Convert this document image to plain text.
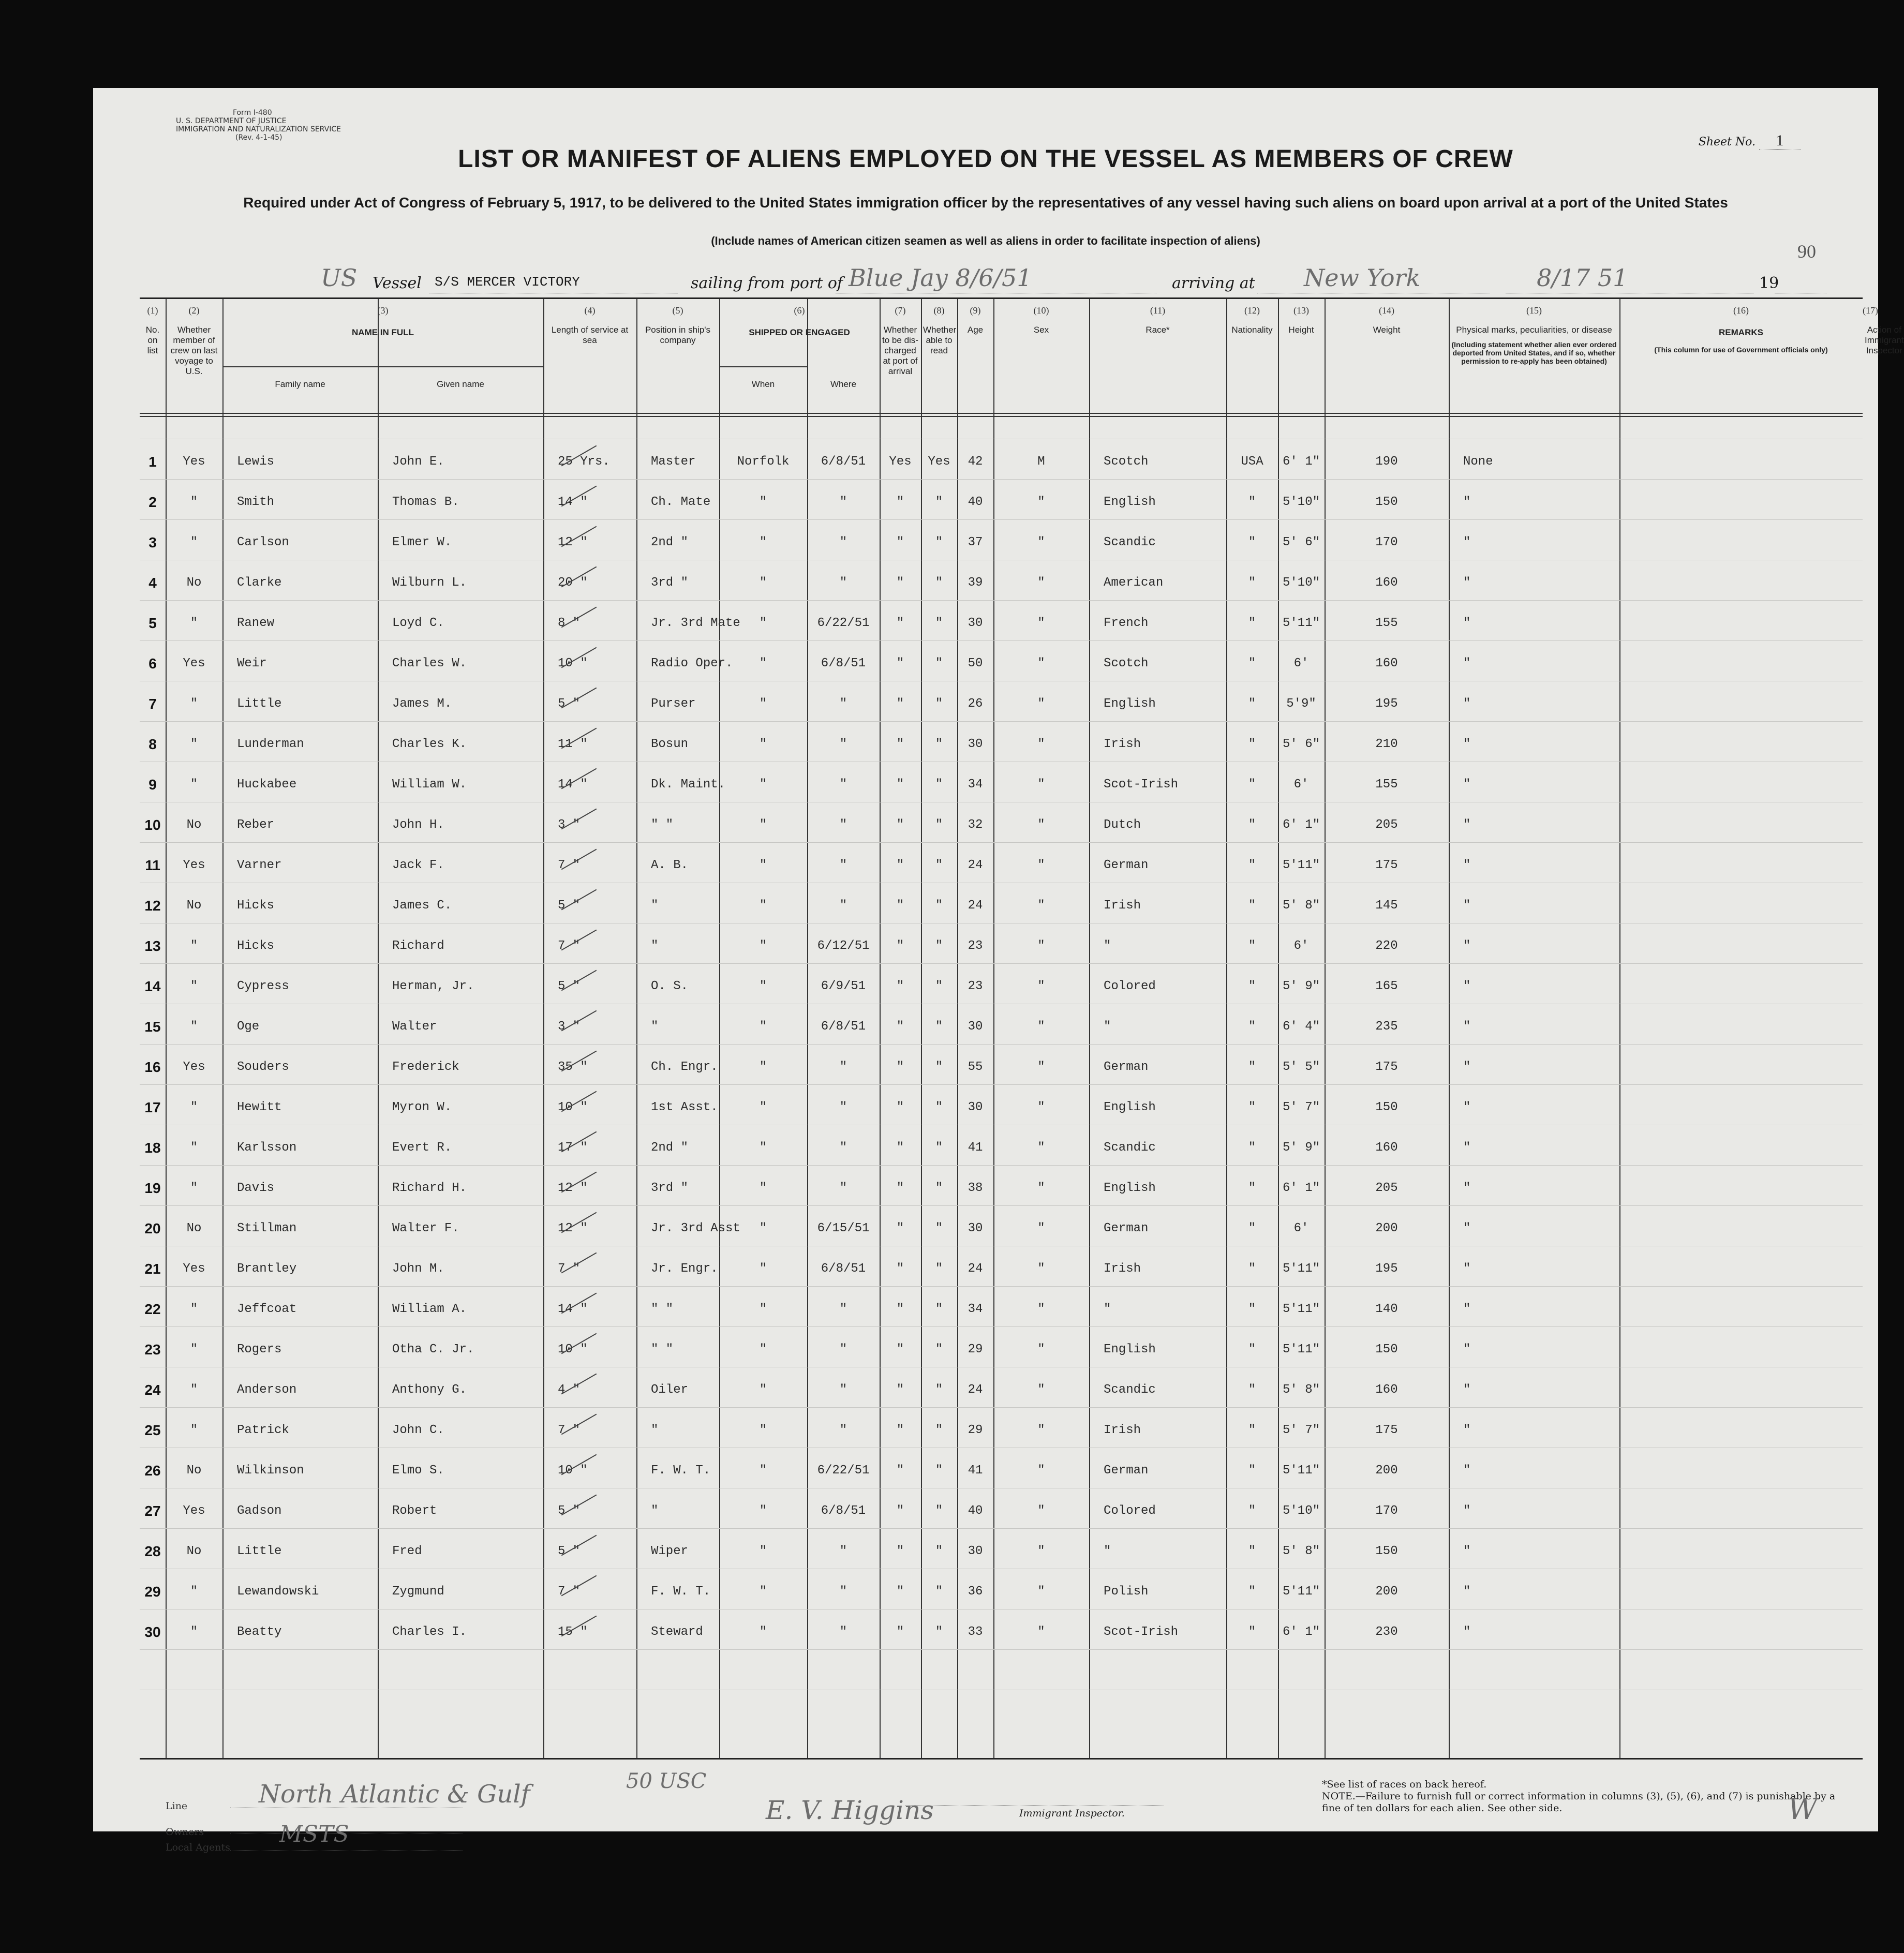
Form I-480
U. S. DEPARTMENT OF JUSTICE
IMMIGRATION AND NATURALIZATION SERVICE
(Rev. 4-1-45)	Sheet No. 1
LIST OR MANIFEST OF ALIENS EMPLOYED ON THE VESSEL AS MEMBERS OF CREW
Required under Act of Congress of February 5, 1917, to be delivered to the United States immigration officer by the representatives of any vessel having such aliens on board upon arrival at a port of the United States
(Include names of American citizen seamen as well as aliens in order to facilitate inspection of aliens)
90
US Vessel S/S MERCER VICTORY	sailing from port of Blue Jay 8/6/51	arriving at New York	8/17 51	19
(1)
No. on list
(2)
Whether member of crew on last voyage to U.S.
(3)
NAME IN FULL
(4)
Length of service at sea
(5)
Position in ship's company
(6)
SHIPPED OR ENGAGED
(7)
Whether to be dis-charged at port of arrival
(8)
Whether able to read
(9)
Age
(10)
Sex
(11)
Race*
(12)
Nationality
(13)
Height
(14)
Weight
(15)
Physical marks, peculiarities, or disease
(16)
REMARKS
(17)
Action of Immigrant Inspector
Family name	Given name	When	Where
(Including statement whether alien ever ordered deported from United States, and if so, whether permission to re-apply has been obtained)
(This column for use of Government officials only)
1	Yes	Lewis	John E.	25 Yrs.	Master	Norfolk	6/8/51	Yes	Yes	42	M	Scotch	USA	6' 1"	190	None
2	"	Smith	Thomas B.	14 "	Ch. Mate	"	"	"	"	40	"	English	"	5'10"	150	"
3	"	Carlson	Elmer W.	12 "	2nd "	"	"	"	"	37	"	Scandic	"	5' 6"	170	"
4	No	Clarke	Wilburn L.	20 "	3rd "	"	"	"	"	39	"	American	"	5'10"	160	"
5	"	Ranew	Loyd C.	8 "	Jr. 3rd Mate	"	6/22/51	"	"	30	"	French	"	5'11"	155	"
6	Yes	Weir	Charles W.	10 "	Radio Oper.	"	6/8/51	"	"	50	"	Scotch	"	6'	160	"
7	"	Little	James M.	5 "	Purser	"	"	"	"	26	"	English	"	5'9"	195	"
8	"	Lunderman	Charles K.	11 "	Bosun	"	"	"	"	30	"	Irish	"	5' 6"	210	"
9	"	Huckabee	William W.	14 "	Dk. Maint.	"	"	"	"	34	"	Scot-Irish	"	6'	155	"
10	No	Reber	John H.	3 "	" "	"	"	"	"	32	"	Dutch	"	6' 1"	205	"
11	Yes	Varner	Jack F.	7 "	A. B.	"	"	"	"	24	"	German	"	5'11"	175	"
12	No	Hicks	James C.	5 "	"	"	"	"	"	24	"	Irish	"	5' 8"	145	"
13	"	Hicks	Richard	7 "	"	"	6/12/51	"	"	23	"	"	"	6'	220	"
14	"	Cypress	Herman, Jr.	5 "	O. S.	"	6/9/51	"	"	23	"	Colored	"	5' 9"	165	"
15	"	Oge	Walter	3 "	"	"	6/8/51	"	"	30	"	"	"	6' 4"	235	"
16	Yes	Souders	Frederick	35 "	Ch. Engr.	"	"	"	"	55	"	German	"	5' 5"	175	"
17	"	Hewitt	Myron W.	10 "	1st Asst.	"	"	"	"	30	"	English	"	5' 7"	150	"
18	"	Karlsson	Evert R.	17 "	2nd "	"	"	"	"	41	"	Scandic	"	5' 9"	160	"
19	"	Davis	Richard H.	12 "	3rd "	"	"	"	"	38	"	English	"	6' 1"	205	"
20	No	Stillman	Walter F.	12 "	Jr. 3rd Asst	"	6/15/51	"	"	30	"	German	"	6'	200	"
21	Yes	Brantley	John M.	7 "	Jr. Engr.	"	6/8/51	"	"	24	"	Irish	"	5'11"	195	"
22	"	Jeffcoat	William A.	14 "	" "	"	"	"	"	34	"	"	"	5'11"	140	"
23	"	Rogers	Otha C. Jr.	10 "	" "	"	"	"	"	29	"	English	"	5'11"	150	"
24	"	Anderson	Anthony G.	4 "	Oiler	"	"	"	"	24	"	Scandic	"	5' 8"	160	"
25	"	Patrick	John C.	7 "	"	"	"	"	"	29	"	Irish	"	5' 7"	175	"
26	No	Wilkinson	Elmo S.	10 "	F. W. T.	"	6/22/51	"	"	41	"	German	"	5'11"	200	"
27	Yes	Gadson	Robert	5 "	"	"	6/8/51	"	"	40	"	Colored	"	5'10"	170	"
28	No	Little	Fred	5 "	Wiper	"	"	"	"	30	"	"	"	5' 8"	150	"
29	"	Lewandowski	Zygmund	7 "	F. W. T.	"	"	"	"	36	"	Polish	"	5'11"	200	"
30	"	Beatty	Charles I.	15 "	Steward	"	"	"	"	33	"	Scot-Irish	"	6' 1"	230	"
Line	North Atlantic & Gulf
Owners
50 USC
E. V. Higgins	Immigrant Inspector.
*See list of races on back hereof.
NOTE.—Failure to furnish full or correct information in columns (3), (5), (6), and (7) is punishable by a fine of ten dollars for each alien. See other side.	W
Local Agents MSTS
